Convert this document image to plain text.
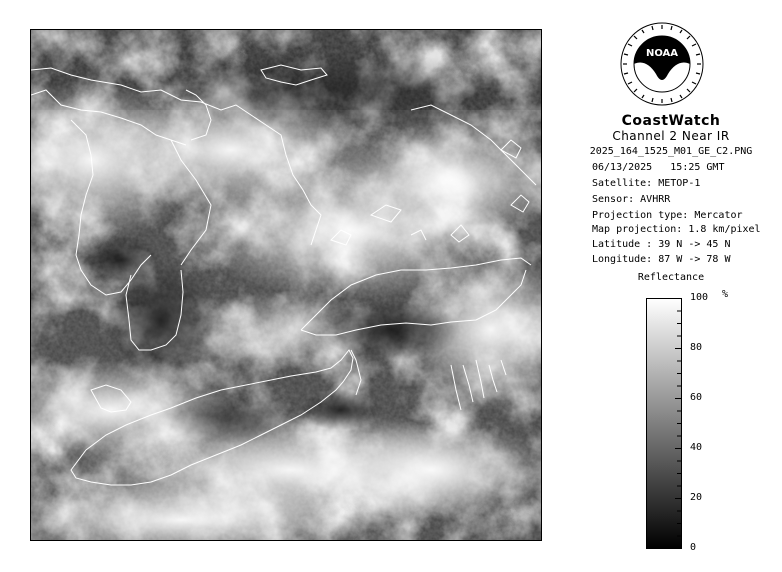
NOAA
CoastWatch
Channel 2 Near IR
2025_164_1525_M01_GE_C2.PNG
06/13/2025 15:25 GMT
Satellite: METOP-1
Sensor: AVHRR
Projection type: Mercator
Map projection: 1.8 km/pixel
Latitude : 39 N -> 45 N
Longitude: 87 W -> 78 W
Reflectance
%
100
80
60
40
20
0
